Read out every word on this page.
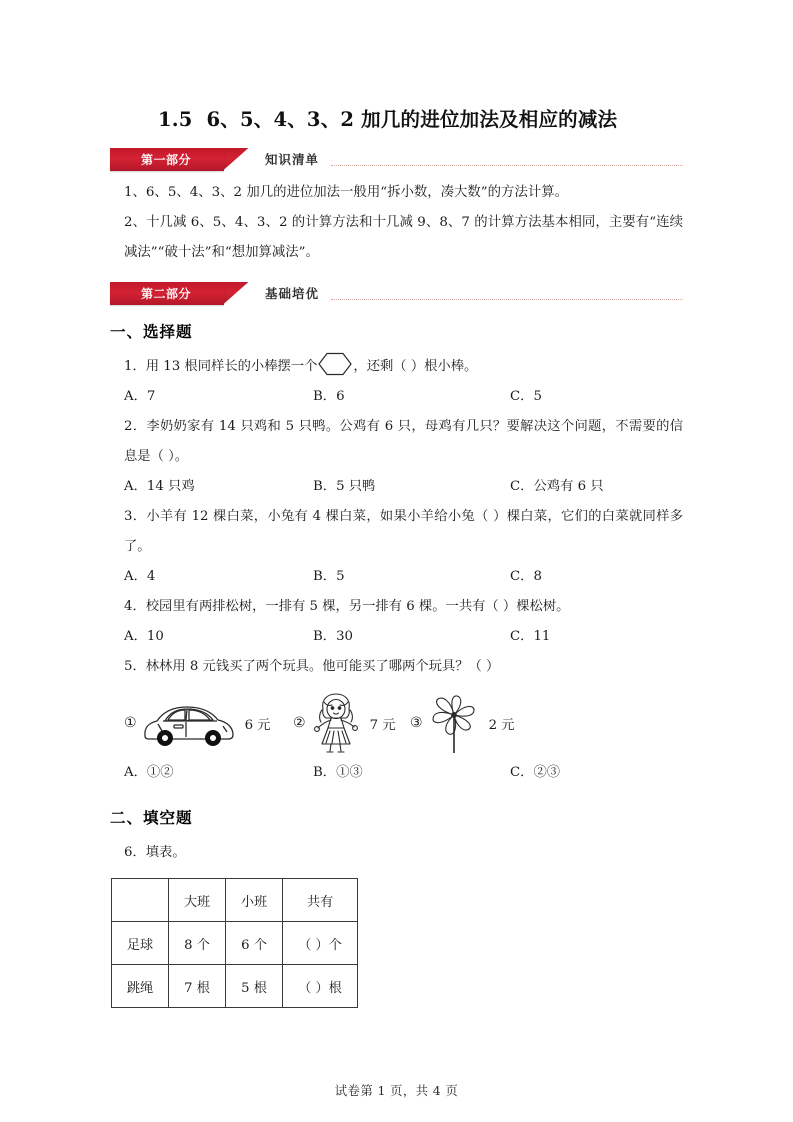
1.5 6、5、4、3、2 加几的进位加法及相应的减法
第一部分	知识清单

1、6、5、4、3、2 加几的进位加法一般用“拆小数，凑大数”的方法计算。

2、十几减 6、5、4、3、2 的计算方法和十几减 9、8、7 的计算方法基本相同，主要有“连续减法”“破十法”和“想加算减法”。

第二部分	基础培优
一、选择题

1．用 13 根同样长的小棒摆一个	，还剩（ ）根小棒。

A．7	B．6	C．5

2．李奶奶家有 14 只鸡和 5 只鸭。公鸡有 6 只，母鸡有几只？要解决这个问题，不需要的信息是（ ）。

A．14 只鸡	B．5 只鸭	C．公鸡有 6 只

3．小羊有 12 棵白菜，小兔有 4 棵白菜，如果小羊给小兔（ ）棵白菜，它们的白菜就同样多了。

A．4	B．5	C．8

4．校园里有两排松树，一排有 5 棵，另一排有 6 棵。一共有（ ）棵松树。

A．10	B．30	C．11

5．林林用 8 元钱买了两个玩具。他可能买了哪两个玩具？（ ）

①	6 元 ②	7 元 ③	2 元
A．①②	B．①③	C．②③
二、填空题

6．填表。

	大班	小班	共有
足球	8 个	6 个	（ ）个
跳绳	7 根	5 根	（ ）根
试卷第 1 页，共 4 页
